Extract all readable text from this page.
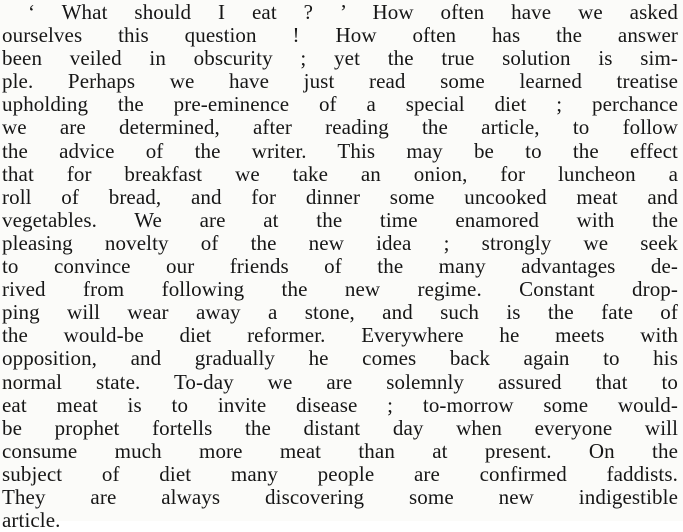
‘ What should I eat ? ’ How often have we asked
ourselves this question ! How often has the answer
been veiled in obscurity ; yet the true solution is sim-
ple. Perhaps we have just read some learned treatise
upholding the pre-eminence of a special diet ; perchance
we are determined, after reading the article, to follow
the advice of the writer. This may be to the effect
that for breakfast we take an onion, for luncheon a
roll of bread, and for dinner some uncooked meat and
vegetables. We are at the time enamored with the
pleasing novelty of the new idea ; strongly we seek
to convince our friends of the many advantages de-
rived from following the new regime. Constant drop-
ping will wear away a stone, and such is the fate of
the would-be diet reformer. Everywhere he meets with
opposition, and gradually he comes back again to his
normal state. To-day we are solemnly assured that to
eat meat is to invite disease ; to-morrow some would-
be prophet fortells the distant day when everyone will
consume much more meat than at present. On the
subject of diet many people are confirmed faddists.
They are always discovering some new indigestible
article.
